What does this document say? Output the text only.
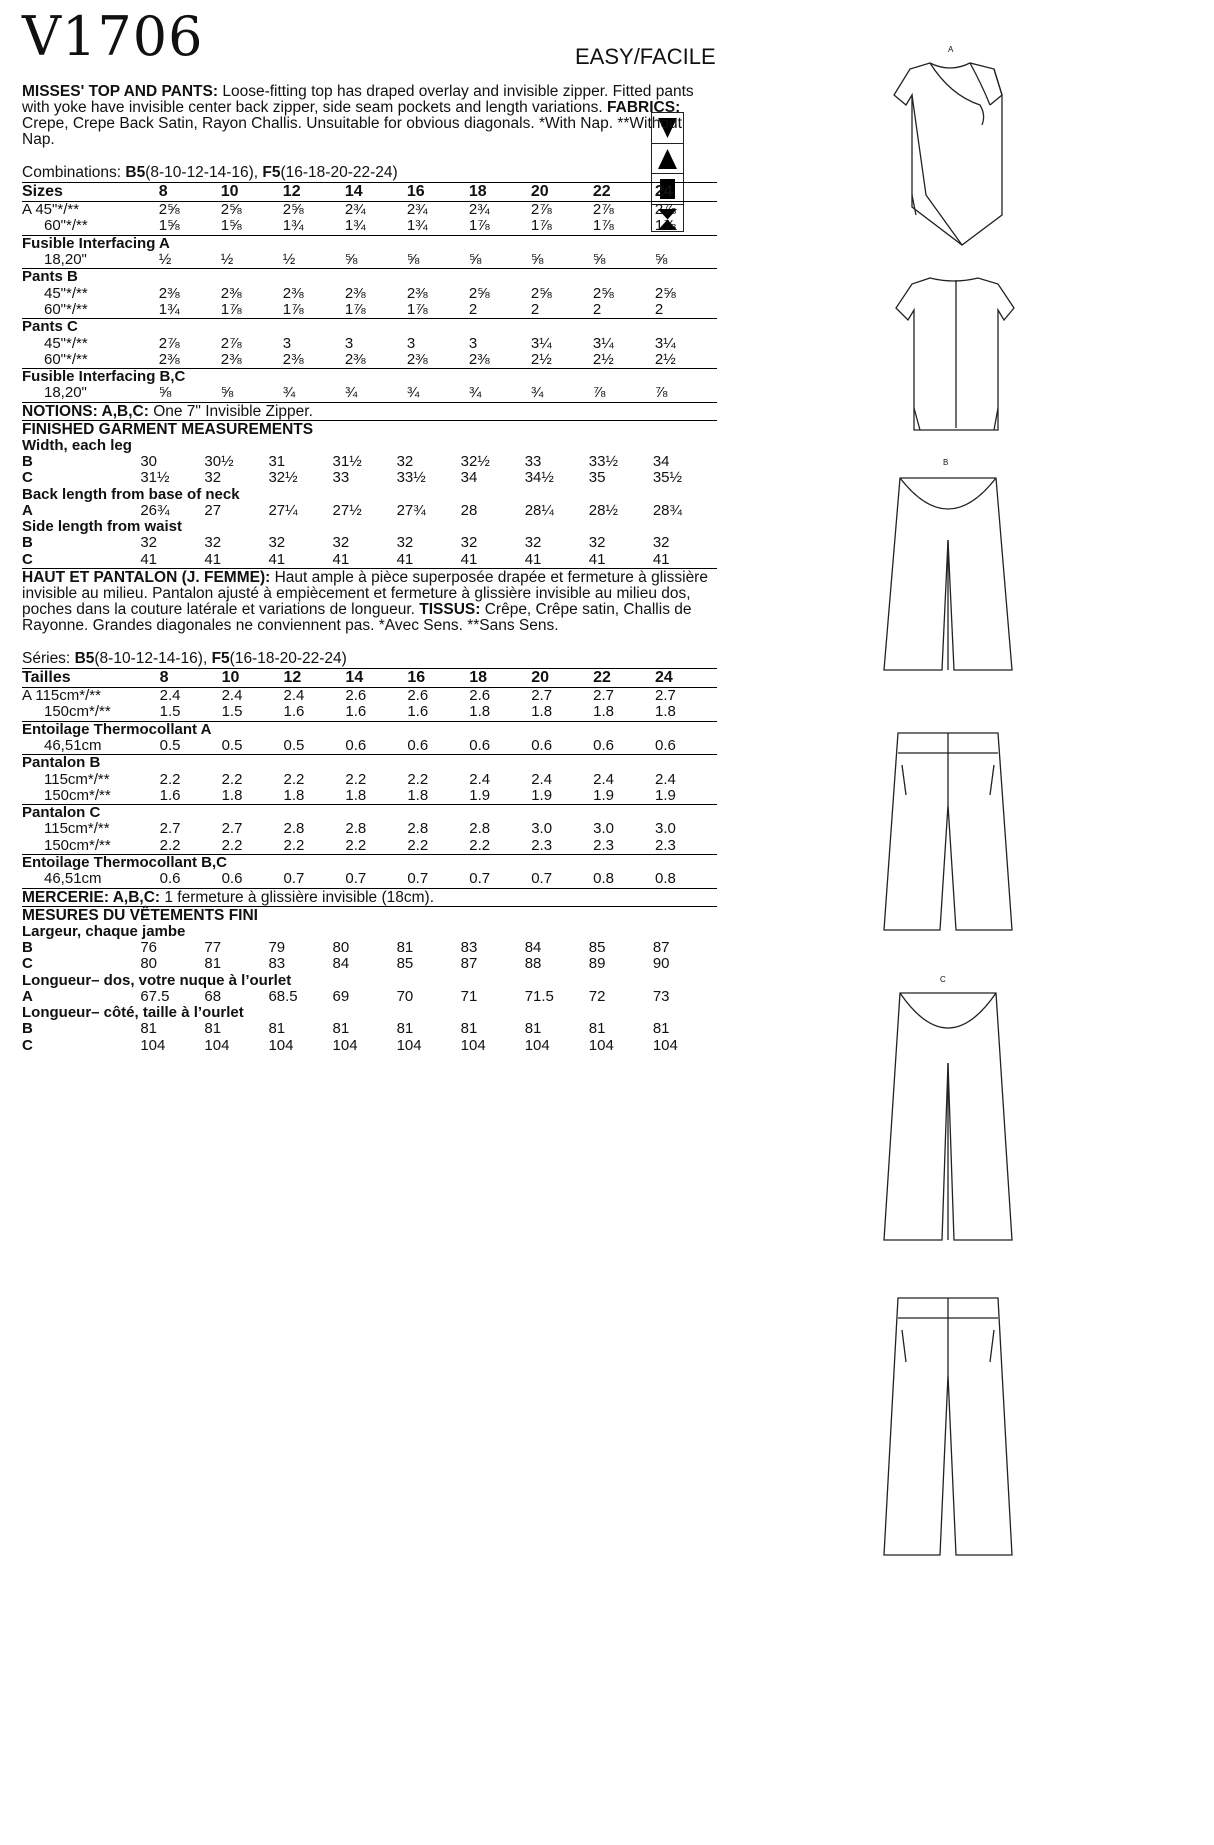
V1706	EASY/FACILE

MISSES' TOP AND PANTS: Loose-fitting top has draped overlay and invisible zipper. Fitted pants with yoke have invisible center back zipper, side seam pockets and length variations. FABRICS: Crepe, Crepe Back Satin, Rayon Challis. Unsuitable for obvious diagonals. *With Nap. **Without Nap.

Combinations: B5(8-10-12-14-16), F5(16-18-20-22-24)
Sizes	8	10	12	14	16	18	20	22	24
A 45"*/**	2⅝	2⅝	2⅝	2¾	2¾	2¾	2⅞	2⅞	2⅞
60"*/**	1⅝	1⅝	1¾	1¾	1¾	1⅞	1⅞	1⅞	1⅞
Fusible Interfacing A									
18,20"	½	½	½	⅝	⅝	⅝	⅝	⅝	⅝
Pants B									
45"*/**	2⅜	2⅜	2⅜	2⅜	2⅜	2⅝	2⅝	2⅝	2⅝
60"*/**	1¾	1⅞	1⅞	1⅞	1⅞	2	2	2	2
Pants C									
45"*/**	2⅞	2⅞	3	3	3	3	3¼	3¼	3¼
60"*/**	2⅜	2⅜	2⅜	2⅜	2⅜	2⅜	2½	2½	2½
Fusible Interfacing B,C									
18,20"	⅝	⅝	¾	¾	¾	¾	¾	⅞	⅞
NOTIONS: A,B,C: One 7" Invisible Zipper.
FINISHED GARMENT MEASUREMENTS
Width, each leg									
B	30	30½	31	31½	32	32½	33	33½	34
C	31½	32	32½	33	33½	34	34½	35	35½
Back length from base of neck									
A	26¾	27	27¼	27½	27¾	28	28¼	28½	28¾
Side length from waist									
B	32	32	32	32	32	32	32	32	32
C	41	41	41	41	41	41	41	41	41

HAUT ET PANTALON (J. FEMME): Haut ample à pièce superposée drapée et fermeture à glissière invisible au milieu. Pantalon ajusté à empiècement et fermeture à glissière invisible au milieu dos, poches dans la couture latérale et variations de longueur. TISSUS: Crêpe, Crêpe satin, Challis de Rayonne. Grandes diagonales ne conviennent pas. *Avec Sens. **Sans Sens.

Séries: B5(8-10-12-14-16), F5(16-18-20-22-24)
Tailles	8	10	12	14	16	18	20	22	24
A 115cm*/**	2.4	2.4	2.4	2.6	2.6	2.6	2.7	2.7	2.7
150cm*/**	1.5	1.5	1.6	1.6	1.6	1.8	1.8	1.8	1.8
Entoilage Thermocollant A									
46,51cm	0.5	0.5	0.5	0.6	0.6	0.6	0.6	0.6	0.6
Pantalon B									
115cm*/**	2.2	2.2	2.2	2.2	2.2	2.4	2.4	2.4	2.4
150cm*/**	1.6	1.8	1.8	1.8	1.8	1.9	1.9	1.9	1.9
Pantalon C									
115cm*/**	2.7	2.7	2.8	2.8	2.8	2.8	3.0	3.0	3.0
150cm*/**	2.2	2.2	2.2	2.2	2.2	2.2	2.3	2.3	2.3
Entoilage Thermocollant B,C									
46,51cm	0.6	0.6	0.7	0.7	0.7	0.7	0.7	0.8	0.8
MERCERIE: A,B,C: 1 fermeture à glissière invisible (18cm).
MESURES DU VÊTEMENTS FINI
Largeur, chaque jambe									
B	76	77	79	80	81	83	84	85	87
C	80	81	83	84	85	87	88	89	90
Longueur– dos, votre nuque à l’ourlet									
A	67.5	68	68.5	69	70	71	71.5	72	73
Longueur– côté, taille à l’ourlet									
B	81	81	81	81	81	81	81	81	81
C	104	104	104	104	104	104	104	104	104
A
B
C
